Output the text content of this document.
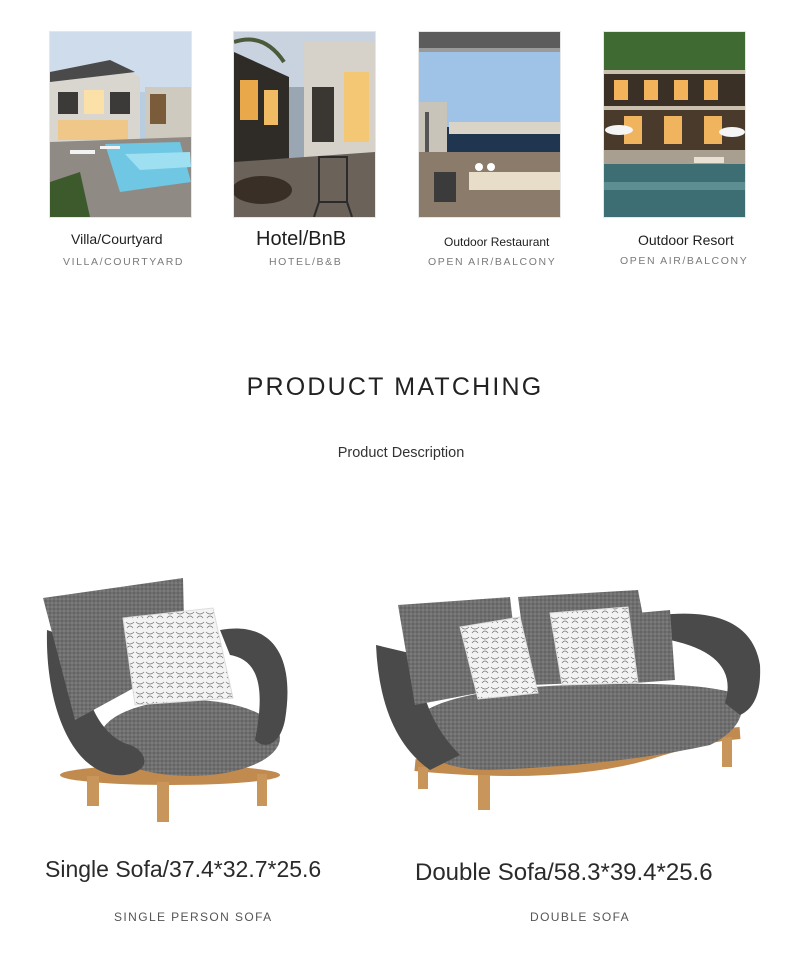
Villa/Courtyard
VILLA/COURTYARD
Hotel/BnB
HOTEL/B&B
Outdoor Restaurant
OPEN AIR/BALCONY
Outdoor Resort
OPEN AIR/BALCONY
PRODUCT MATCHING
Product Description
Single Sofa/37.4*32.7*25.6
SINGLE PERSON SOFA
Double Sofa/58.3*39.4*25.6
DOUBLE SOFA
